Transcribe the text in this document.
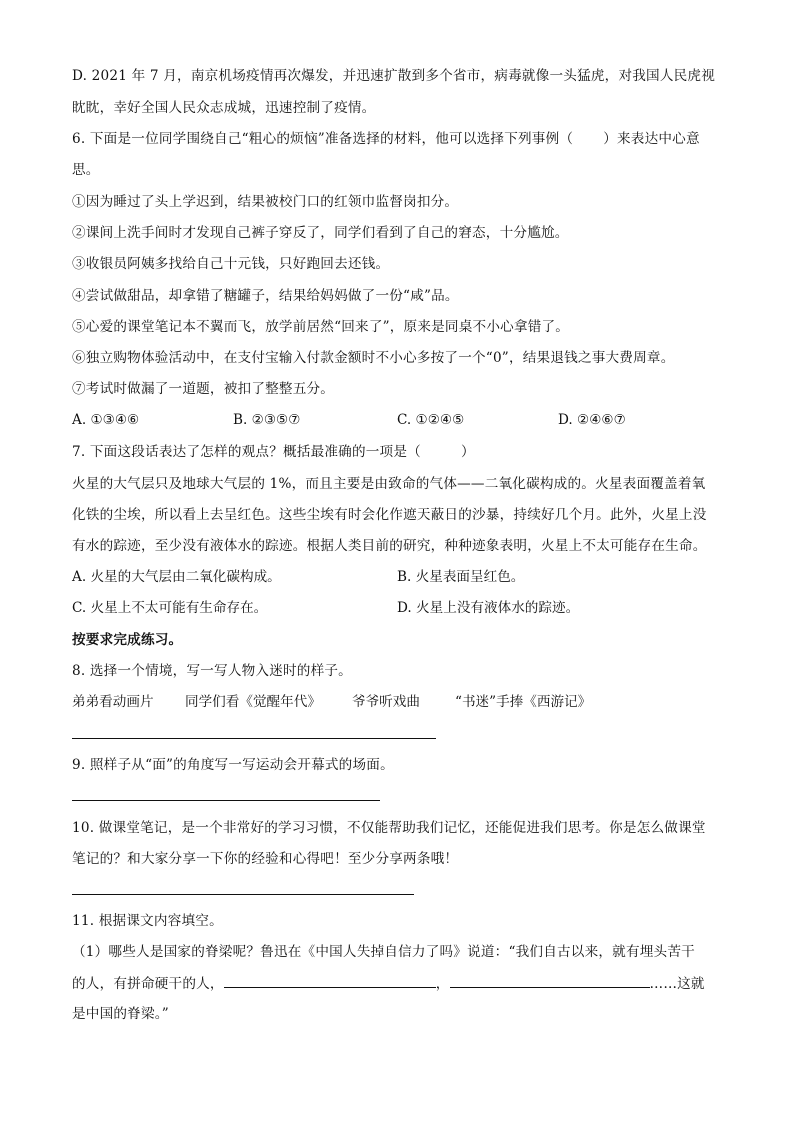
D. 2021 年 7 月，南京机场疫情再次爆发，并迅速扩散到多个省市，病毒就像一头猛虎，对我国人民虎视
眈眈，幸好全国人民众志成城，迅速控制了疫情。
6. 下面是一位同学围绕自己“粗心的烦恼”准备选择的材料，他可以选择下列事例（ ）来表达中心意
思。
①因为睡过了头上学迟到，结果被校门口的红领巾监督岗扣分。
②课间上洗手间时才发现自己裤子穿反了，同学们看到了自己的窘态，十分尴尬。
③收银员阿姨多找给自己十元钱，只好跑回去还钱。
④尝试做甜品，却拿错了糖罐子，结果给妈妈做了一份“咸”品。
⑤心爱的课堂笔记本不翼而飞，放学前居然“回来了”，原来是同桌不小心拿错了。
⑥独立购物体验活动中，在支付宝输入付款金额时不小心多按了一个“0”，结果退钱之事大费周章。
⑦考试时做漏了一道题，被扣了整整五分。
A. ①③④⑥	B. ②③⑤⑦	C. ①②④⑤	D. ②④⑥⑦
7. 下面这段话表达了怎样的观点？概括最准确的一项是（	）
火星的大气层只及地球大气层的 1%，而且主要是由致命的气体——二氧化碳构成的。火星表面覆盖着氧
化铁的尘埃，所以看上去呈红色。这些尘埃有时会化作遮天蔽日的沙暴，持续好几个月。此外，火星上没
有水的踪迹，至少没有液体水的踪迹。根据人类目前的研究，种种迹象表明，火星上不太可能存在生命。
A. 火星的大气层由二氧化碳构成。	B. 火星表面呈红色。
C. 火星上不太可能有生命存在。	D. 火星上没有液体水的踪迹。
按要求完成练习。
8. 选择一个情境，写一写人物入迷时的样子。
弟弟看动画片 同学们看《觉醒年代》 爷爷听戏曲	“书迷”手捧《西游记》
9. 照样子从“面”的角度写一写运动会开幕式的场面。
10. 做课堂笔记，是一个非常好的学习习惯，不仅能帮助我们记忆，还能促进我们思考。你是怎么做课堂
笔记的？和大家分享一下你的经验和心得吧！至少分享两条哦！
11. 根据课文内容填空。
（1）哪些人是国家的脊梁呢？鲁迅在《中国人失掉自信力了吗》说道：“我们自古以来，就有埋头苦干
的人，有拼命硬干的人，	，	……这就
是中国的脊梁。”
